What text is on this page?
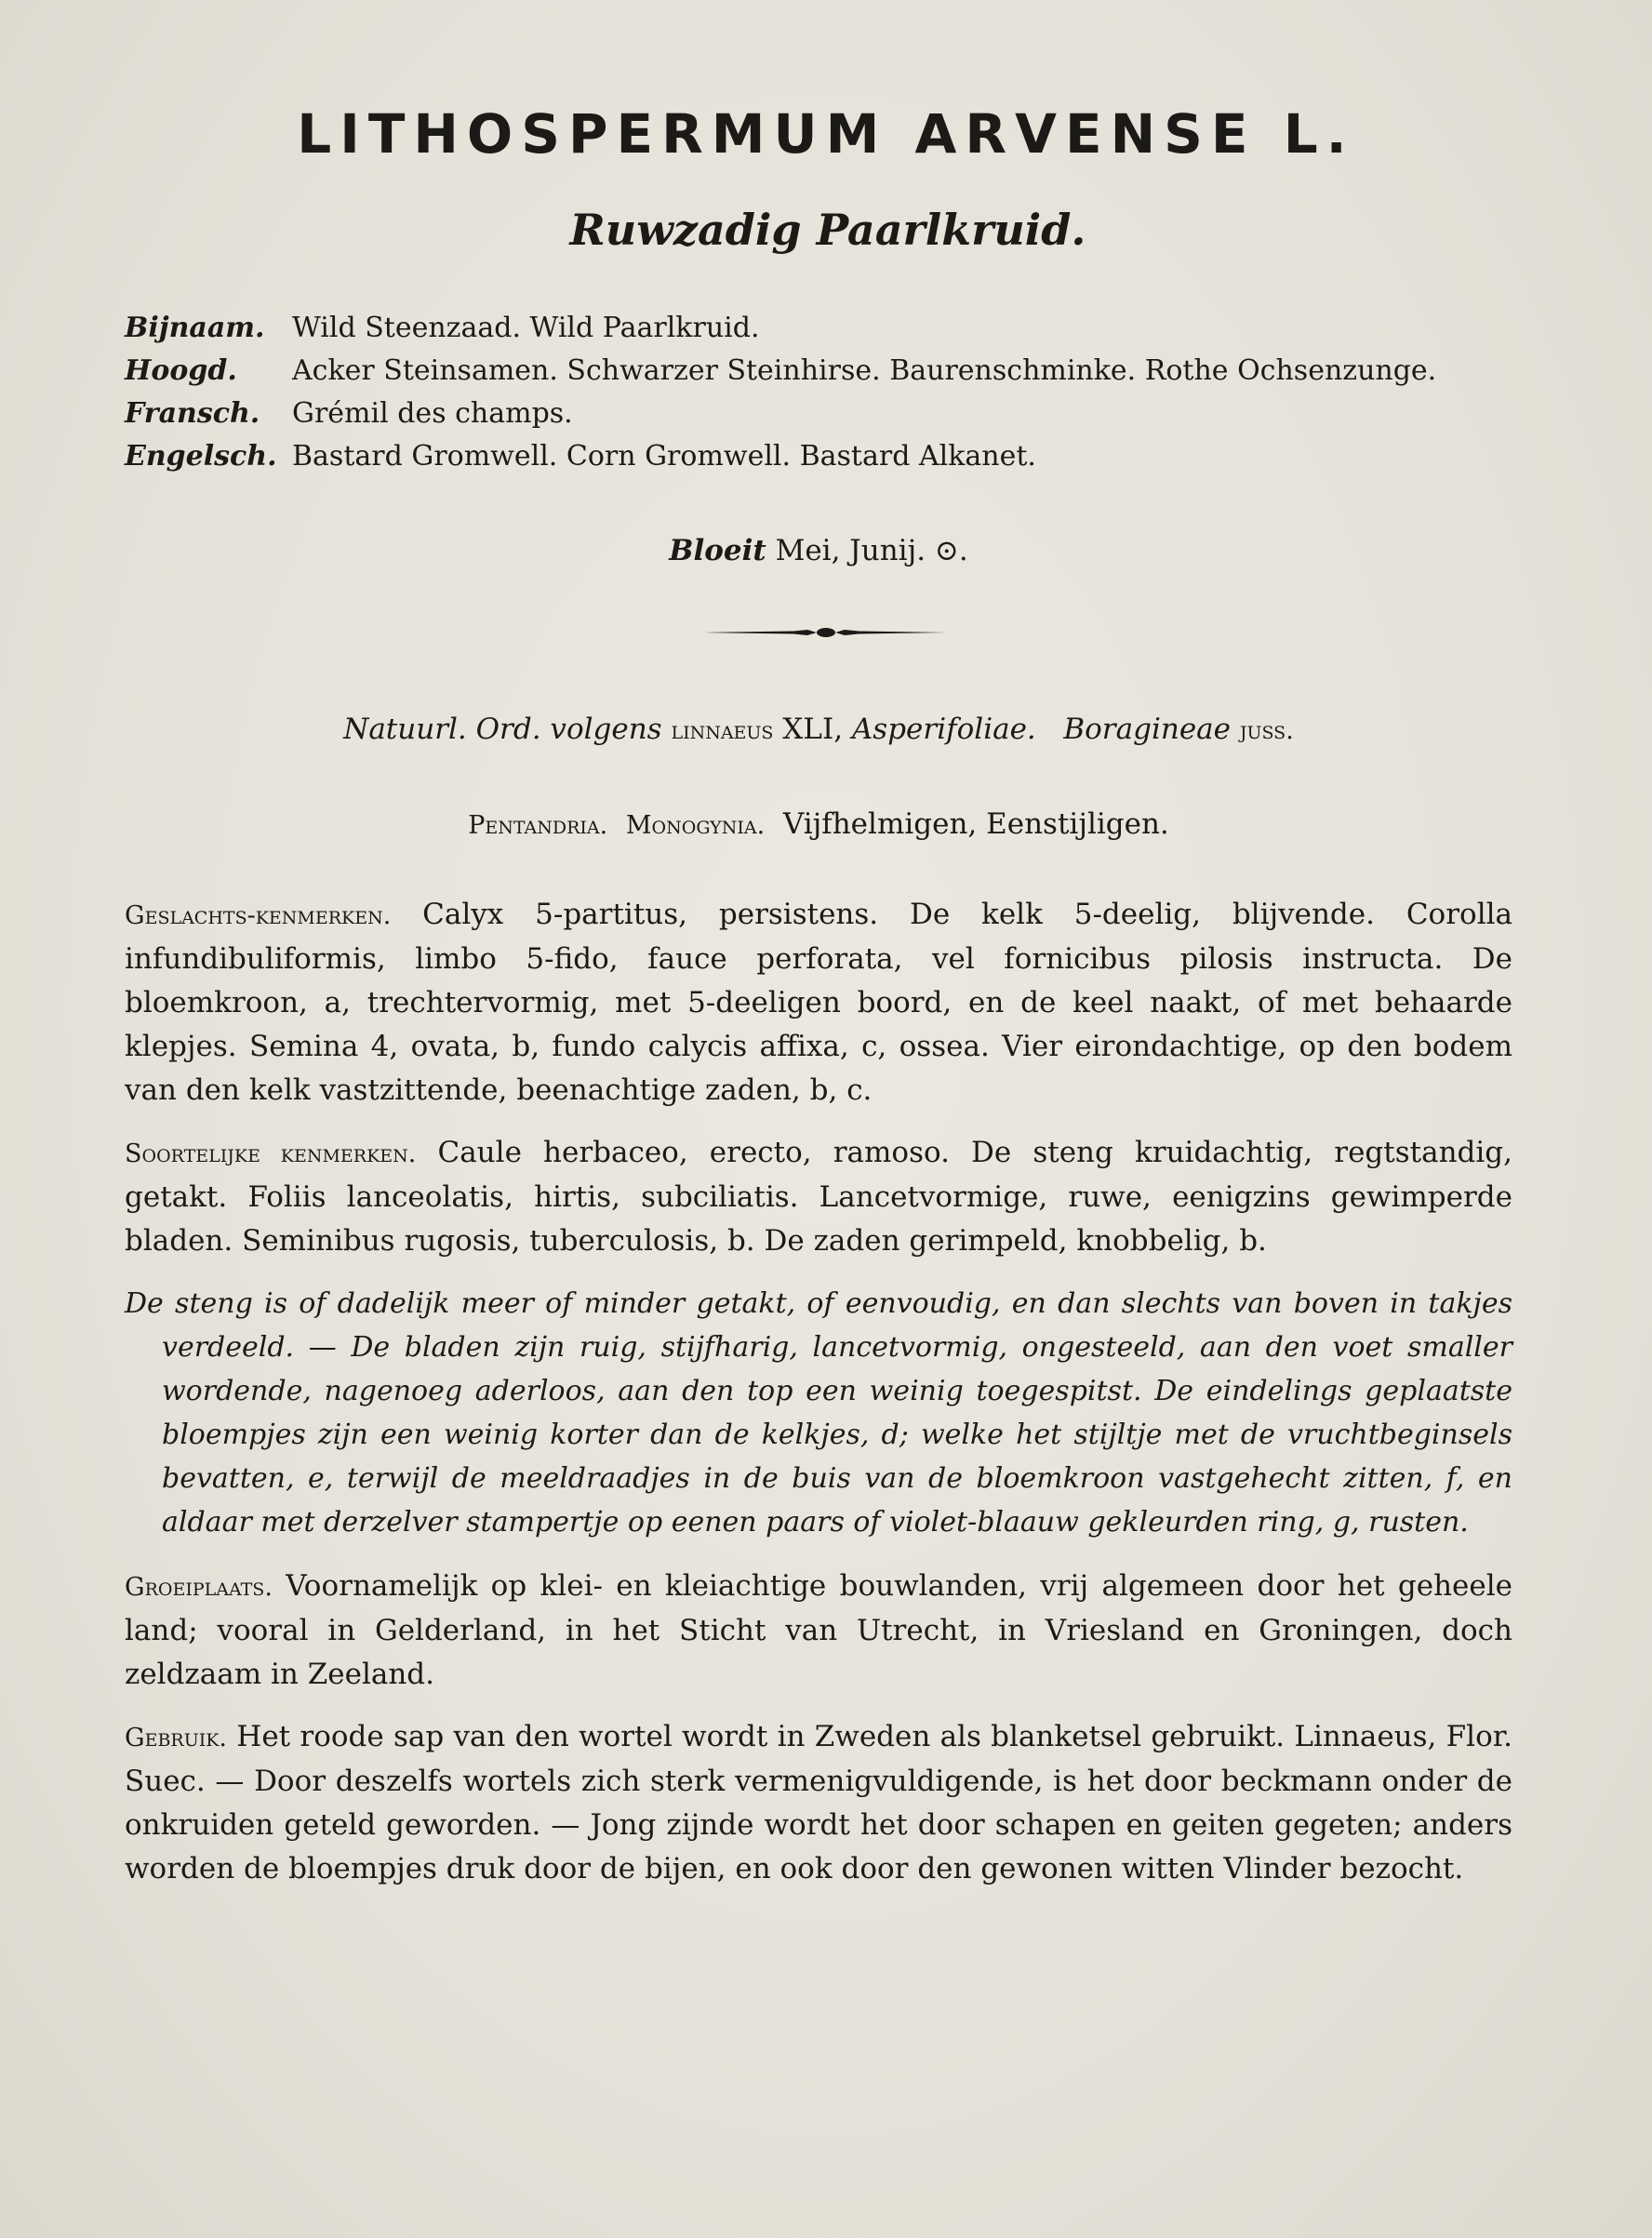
LITHOSPERMUM ARVENSE L.
Ruwzadig Paarlkruid.
Bijnaam. Wild Steenzaad. Wild Paarlkruid.
Hoogd.	Acker Steinsamen. Schwarzer Steinhirse. Baurenschminke. Rothe Ochsenzunge.
Fransch.	Grémil des champs.
Engelsch. Bastard Gromwell. Corn Gromwell. Bastard Alkanet.
Bloeit Mei, Junij. ⊙.
Natuurl. Ord. volgens linnaeus XLI, Asperifoliae. Boragineae juss.
Pentandria. Monogynia. Vijfhelmigen, Eenstijligen.

Geslachts-kenmerken. Calyx 5-partitus, persistens. De kelk 5-deelig, blijvende. Corolla infundibuliformis, limbo 5-fido, fauce perforata, vel fornicibus pilosis instructa. De bloemkroon, a, trechtervormig, met 5-deeligen boord, en de keel naakt, of met behaarde klepjes. Semina 4, ovata, b, fundo calycis affixa, c, ossea. Vier eirondachtige, op den bodem van den kelk vastzittende, beenachtige zaden, b, c.

Soortelijke kenmerken. Caule herbaceo, erecto, ramoso. De steng kruidachtig, regtstandig, getakt. Foliis lanceolatis, hirtis, subciliatis. Lancetvormige, ruwe, eenigzins gewimperde bladen. Seminibus rugosis, tuberculosis, b. De zaden gerimpeld, knobbelig, b.

De steng is of dadelijk meer of minder getakt, of eenvoudig, en dan slechts van boven in takjes verdeeld. — De bladen zijn ruig, stijfharig, lancetvormig, ongesteeld, aan den voet smaller wordende, nagenoeg aderloos, aan den top een weinig toegespitst. De eindelings geplaatste bloempjes zijn een weinig korter dan de kelkjes, d; welke het stijltje met de vruchtbeginsels bevatten, e, terwijl de meeldraadjes in de buis van de bloemkroon vastgehecht zitten, f, en aldaar met derzelver stampertje op eenen paars of violet-blaauw gekleurden ring, g, rusten.

Groeiplaats. Voornamelijk op klei- en kleiachtige bouwlanden, vrij algemeen door het geheele land; vooral in Gelderland, in het Sticht van Utrecht, in Vriesland en Groningen, doch zeldzaam in Zeeland.

Gebruik. Het roode sap van den wortel wordt in Zweden als blanketsel gebruikt. Linnaeus, Flor. Suec. — Door deszelfs wortels zich sterk vermenigvuldigende, is het door beckmann onder de onkruiden geteld geworden. — Jong zijnde wordt het door schapen en geiten gegeten; anders worden de bloempjes druk door de bijen, en ook door den gewonen witten Vlinder bezocht.
